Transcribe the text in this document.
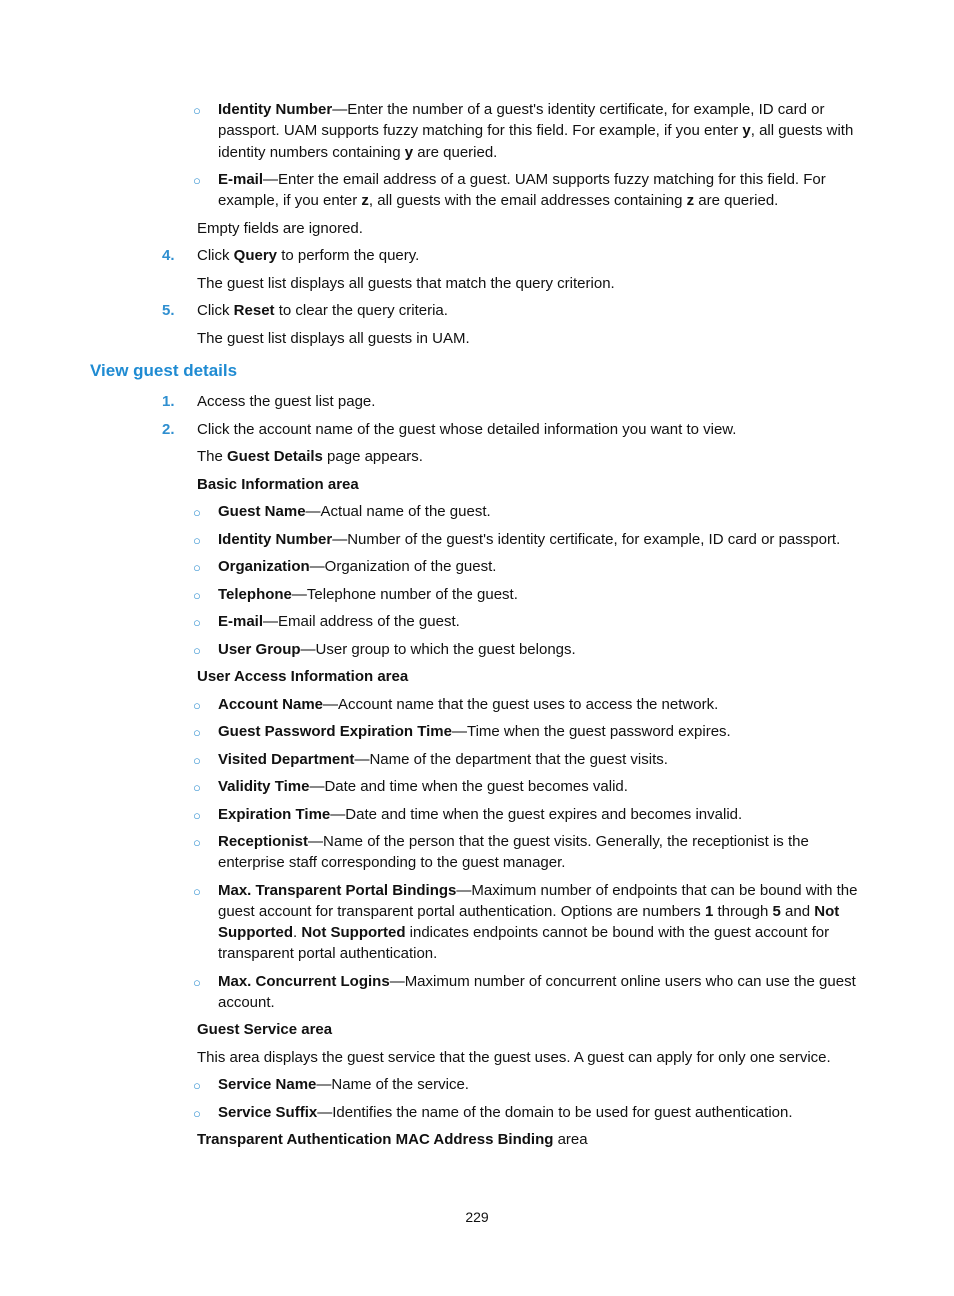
○ Identity Number—Enter the number of a guest's identity certificate, for example, ID card or
passport. UAM supports fuzzy matching for this field. For example, if you enter y, all guests with
identity numbers containing y are queried.
○ E-mail—Enter the email address of a guest. UAM supports fuzzy matching for this field. For
example, if you enter z, all guests with the email addresses containing z are queried.
Empty fields are ignored.
4. Click Query to perform the query.
The guest list displays all guests that match the query criterion.
5. Click Reset to clear the query criteria.
The guest list displays all guests in UAM.
View guest details
1. Access the guest list page.
2. Click the account name of the guest whose detailed information you want to view.
The Guest Details page appears.
Basic Information area
○ Guest Name—Actual name of the guest.
○ Identity Number—Number of the guest's identity certificate, for example, ID card or passport.
○ Organization—Organization of the guest.
○ Telephone—Telephone number of the guest.
○ E-mail—Email address of the guest.
○ User Group—User group to which the guest belongs.
User Access Information area
○ Account Name—Account name that the guest uses to access the network.
○ Guest Password Expiration Time—Time when the guest password expires.
○ Visited Department—Name of the department that the guest visits.
○ Validity Time—Date and time when the guest becomes valid.
○ Expiration Time—Date and time when the guest expires and becomes invalid.
○ Receptionist—Name of the person that the guest visits. Generally, the receptionist is the
enterprise staff corresponding to the guest manager.
○ Max. Transparent Portal Bindings—Maximum number of endpoints that can be bound with the
guest account for transparent portal authentication. Options are numbers 1 through 5 and Not
Supported. Not Supported indicates endpoints cannot be bound with the guest account for
transparent portal authentication.
○ Max. Concurrent Logins—Maximum number of concurrent online users who can use the guest
account.
Guest Service area
This area displays the guest service that the guest uses. A guest can apply for only one service.
○ Service Name—Name of the service.
○ Service Suffix—Identifies the name of the domain to be used for guest authentication.
Transparent Authentication MAC Address Binding area
229
